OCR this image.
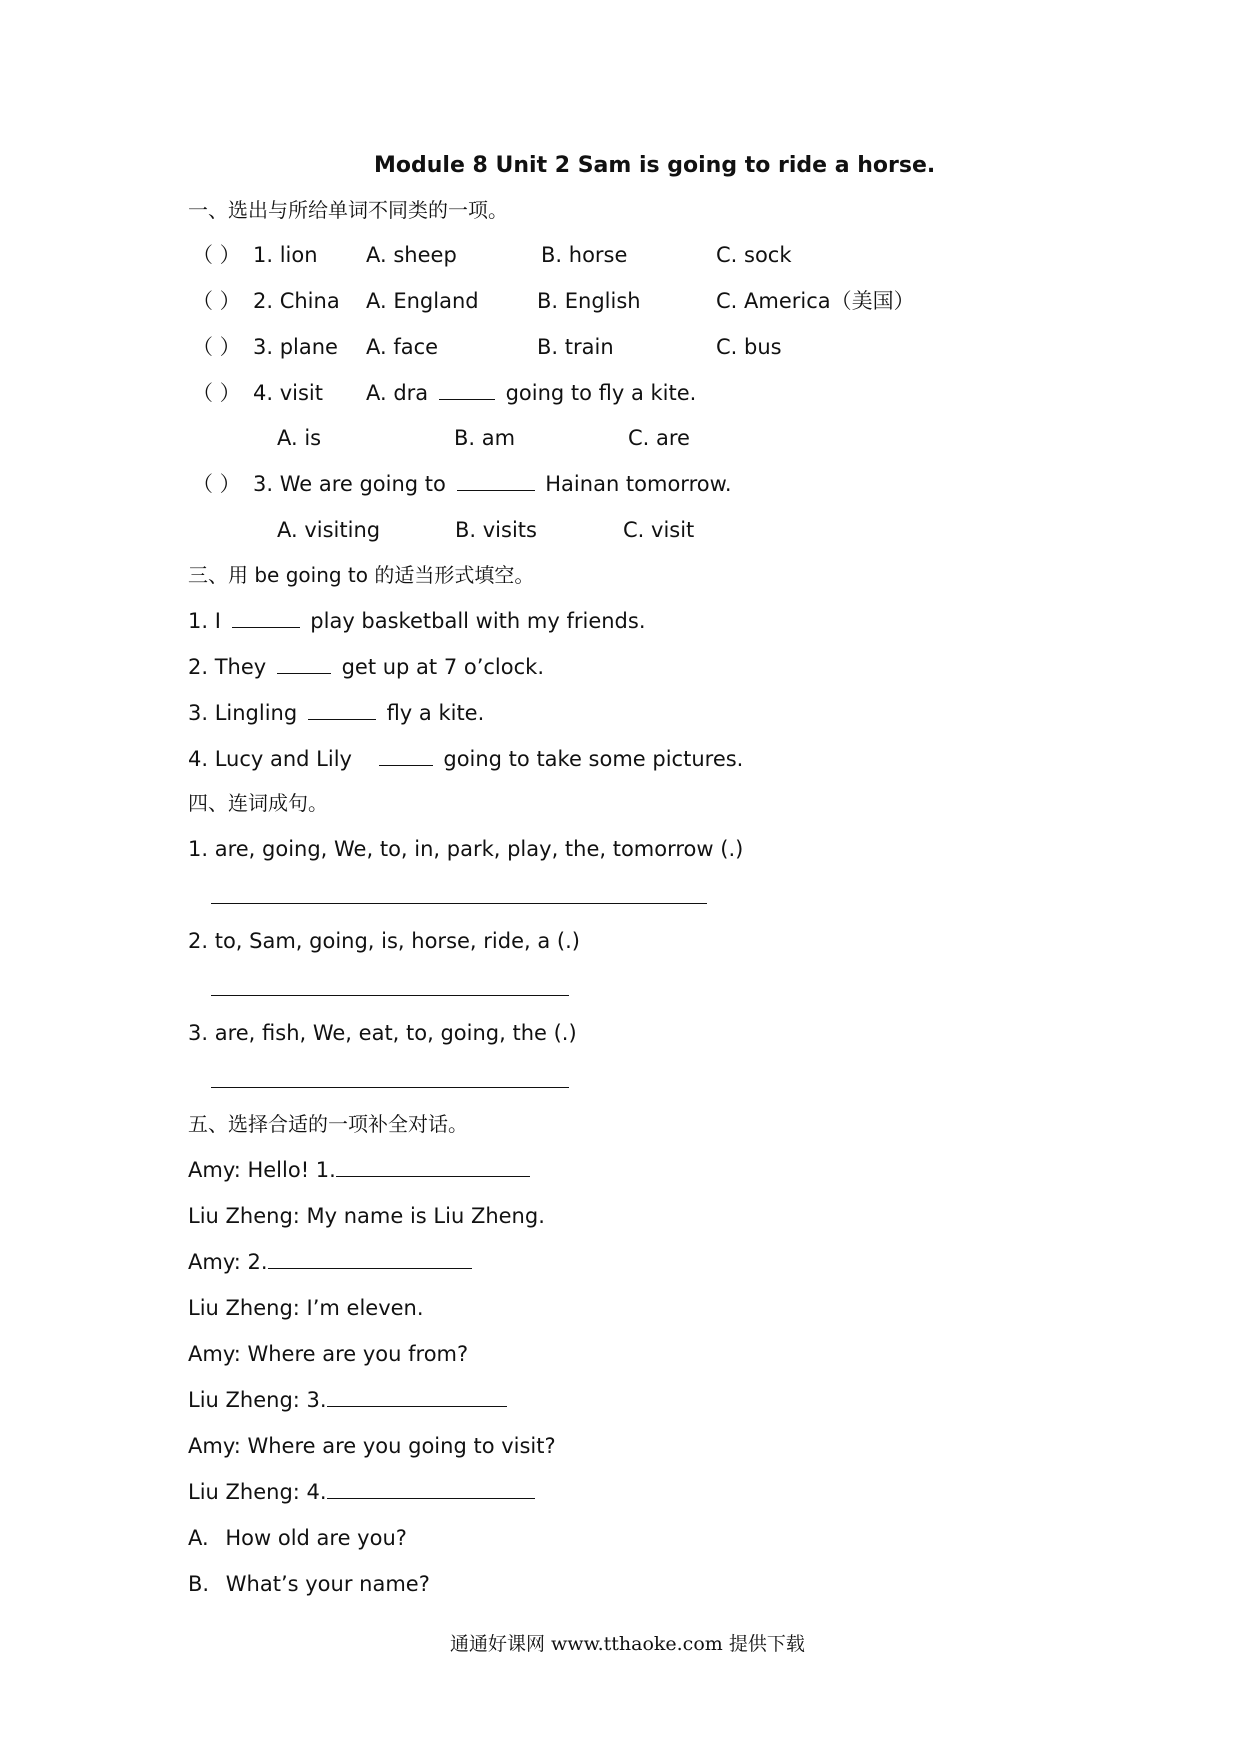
Module 8 Unit 2 Sam is going to ride a horse.
一、选出与所给单词不同类的一项。
（ ） 1. lion A. sheep	B. horse	C. sock
（ ） 2. China A. England	B. English	C. America（美国）
（ ） 3. plane A. face	B. train	C. bus
（ ） 4. visit A. dra	going to fly a kite.
A. is	B. am	C. are
（ ） 3. We are going to	Hainan tomorrow.
A. visiting	B. visits	C. visit
三、用 be going to 的适当形式填空。
1. I	play basketball with my friends.
2. They	get up at 7 o’clock.
3. Lingling	fly a kite.
4. Lucy and Lily	going to take some pictures.
四、连词成句。
1. are, going, We, to, in, park, play, the, tomorrow (.)
2. to, Sam, going, is, horse, ride, a (.)
3. are, fish, We, eat, to, going, the (.)
五、选择合适的一项补全对话。
Amy: Hello! 1.
Liu Zheng: My name is Liu Zheng.
Amy: 2.
Liu Zheng: I’m eleven.
Amy: Where are you from?
Liu Zheng: 3.
Amy: Where are you going to visit?
Liu Zheng: 4.
A. How old are you?
B. What’s your name?
通通好课网 www.tthaoke.com 提供下载
